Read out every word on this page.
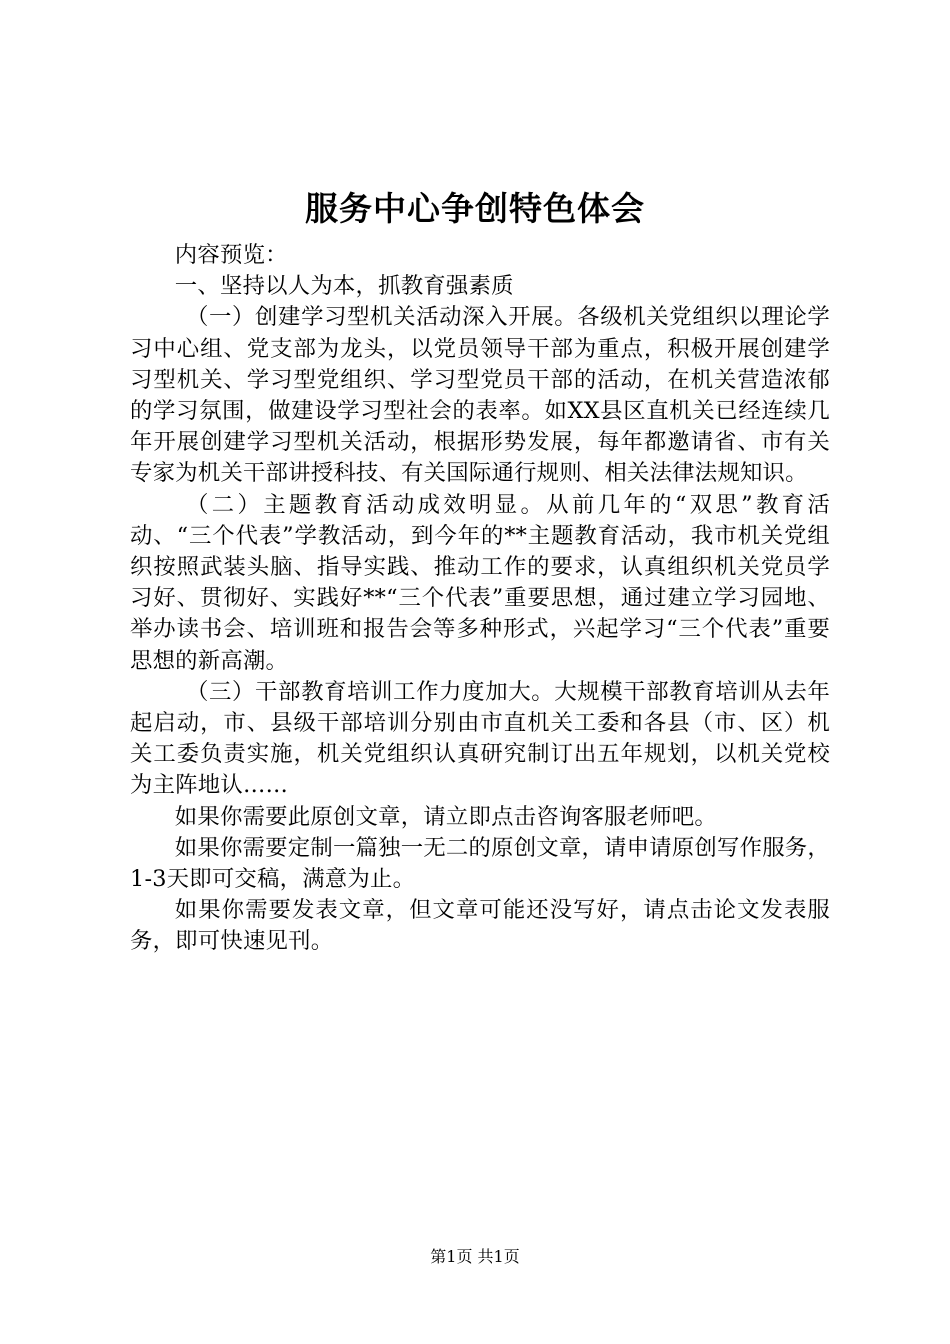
服务中心争创特色体会

内容预览：

一、坚持以人为本，抓教育强素质

（一）创建学习型机关活动深入开展。各级机关党组织以理论学习中心组、党支部为龙头，以党员领导干部为重点，积极开展创建学习型机关、学习型党组织、学习型党员干部的活动，在机关营造浓郁的学习氛围，做建设学习型社会的表率。如XX县区直机关已经连续几年开展创建学习型机关活动，根据形势发展，每年都邀请省、市有关专家为机关干部讲授科技、有关国际通行规则、相关法律法规知识。

（二）主题教育活动成效明显。从前几年的“双思”教育活动、“三个代表”学教活动，到今年的**主题教育活动，我市机关党组织按照武装头脑、指导实践、推动工作的要求，认真组织机关党员学习好、贯彻好、实践好**“三个代表”重要思想，通过建立学习园地、举办读书会、培训班和报告会等多种形式，兴起学习“三个代表”重要思想的新高潮。

（三）干部教育培训工作力度加大。大规模干部教育培训从去年起启动，市、县级干部培训分别由市直机关工委和各县（市、区）机关工委负责实施，机关党组织认真研究制订出五年规划，以机关党校为主阵地认……

如果你需要此原创文章，请立即点击咨询客服老师吧。

如果你需要定制一篇独一无二的原创文章，请申请原创写作服务，1-3天即可交稿，满意为止。

如果你需要发表文章，但文章可能还没写好，请点击论文发表服务，即可快速见刊。

第1页 共1页
